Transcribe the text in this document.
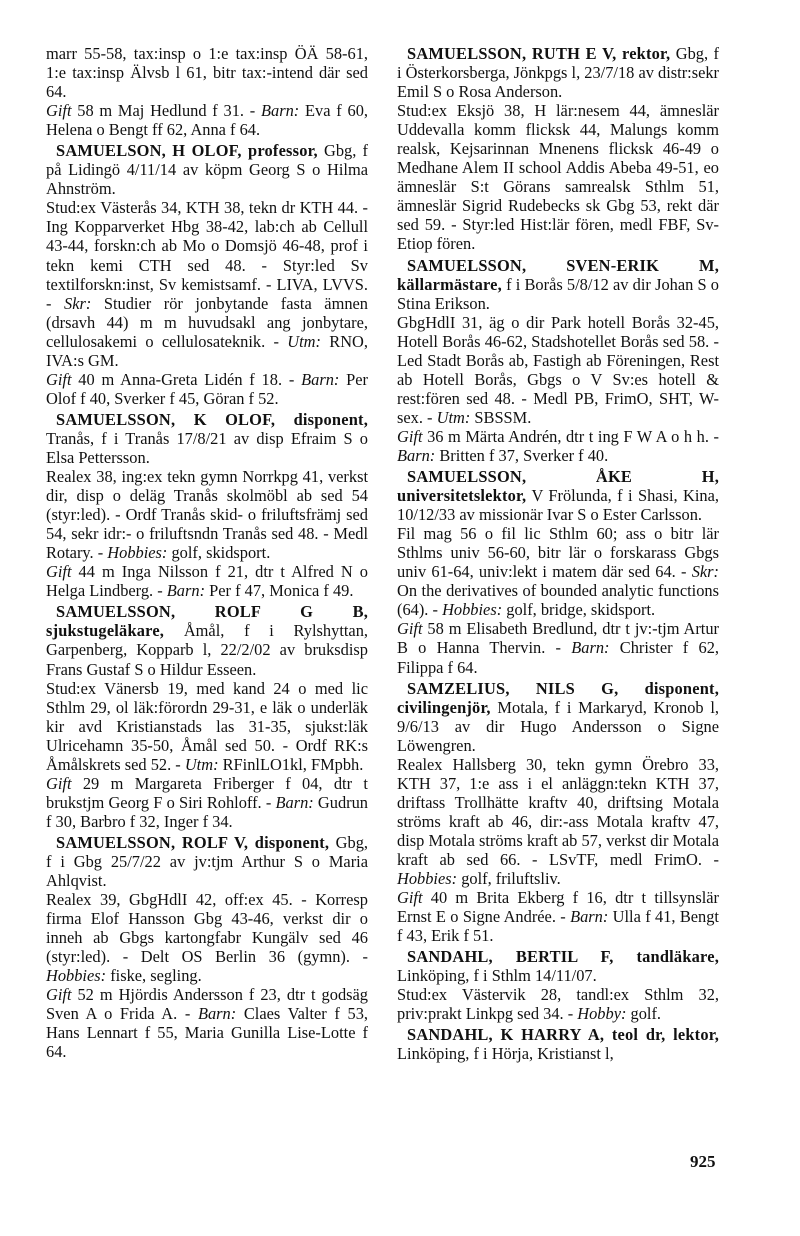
marr 55-58, tax:insp o 1:e tax:insp ÖÄ 58-61, 1:e tax:insp Älvsb l 61, bitr tax:-intend där sed 64.

Gift 58 m Maj Hedlund f 31. - Barn: Eva f 60, Helena o Bengt ff 62, Anna f 64.

SAMUELSON, H OLOF, professor, Gbg, f på Lidingö 4/11/14 av köpm Georg S o Hilma Ahnström.

Stud:ex Västerås 34, KTH 38, tekn dr KTH 44. - Ing Kopparverket Hbg 38-42, lab:ch ab Cellull 43-44, forskn:ch ab Mo o Domsjö 46-48, prof i tekn kemi CTH sed 48. - Styr:led Sv textilforskn:inst, Sv kemistsamf. - LIVA, LVVS. - Skr: Studier rör jonbytande fasta ämnen (drsavh 44) m m huvudsakl ang jonbytare, cellulosakemi o cellulosateknik. - Utm: RNO, IVA:s GM.

Gift 40 m Anna-Greta Lidén f 18. - Barn: Per Olof f 40, Sverker f 45, Göran f 52.

SAMUELSSON, K OLOF, disponent, Tranås, f i Tranås 17/8/21 av disp Efraim S o Elsa Pettersson.

Realex 38, ing:ex tekn gymn Norrkpg 41, verkst dir, disp o deläg Tranås skolmöbl ab sed 54 (styr:led). - Ordf Tranås skid- o friluftsfrämj sed 54, sekr idr:- o friluftsndn Tranås sed 48. - Medl Rotary. - Hobbies: golf, skidsport.

Gift 44 m Inga Nilsson f 21, dtr t Alfred N o Helga Lindberg. - Barn: Per f 47, Monica f 49.

SAMUELSSON, ROLF G B, sjukstugeläkare, Åmål, f i Rylshyttan, Garpenberg, Kopparb l, 22/2/02 av bruksdisp Frans Gustaf S o Hildur Esseen.

Stud:ex Vänersb 19, med kand 24 o med lic Sthlm 29, ol läk:förordn 29-31, e läk o underläk kir avd Kristianstads las 31-35, sjukst:läk Ulricehamn 35-50, Åmål sed 50. - Ordf RK:s Åmålskrets sed 52. - Utm: RFinlLO1kl, FMpbh.

Gift 29 m Margareta Friberger f 04, dtr t brukstjm Georg F o Siri Rohloff. - Barn: Gudrun f 30, Barbro f 32, Inger f 34.

SAMUELSSON, ROLF V, disponent, Gbg, f i Gbg 25/7/22 av jv:tjm Arthur S o Maria Ahlqvist.

Realex 39, GbgHdlI 42, off:ex 45. - Korresp firma Elof Hansson Gbg 43-46, verkst dir o inneh ab Gbgs kartongfabr Kungälv sed 46 (styr:led). - Delt OS Berlin 36 (gymn). - Hobbies: fiske, segling.

Gift 52 m Hjördis Andersson f 23, dtr t godsäg Sven A o Frida A. - Barn: Claes Valter f 53, Hans Lennart f 55, Maria Gunilla Lise-Lotte f 64.

SAMUELSSON, RUTH E V, rektor, Gbg, f i Österkorsberga, Jönkpgs l, 23/7/18 av distr:sekr Emil S o Rosa Anderson.

Stud:ex Eksjö 38, H lär:nesem 44, ämneslär Uddevalla komm flicksk 44, Malungs komm realsk, Kejsarinnan Mnenens flicksk 46-49 o Medhane Alem II school Addis Abeba 49-51, eo ämneslär S:t Görans samrealsk Sthlm 51, ämneslär Sigrid Rudebecks sk Gbg 53, rekt där sed 59. - Styr:led Hist:lär fören, medl FBF, Sv-Etiop fören.

SAMUELSSON, SVEN-ERIK M, källarmästare, f i Borås 5/8/12 av dir Johan S o Stina Erikson.

GbgHdlI 31, äg o dir Park hotell Borås 32-45, Hotell Borås 46-62, Stadshotellet Borås sed 58. - Led Stadt Borås ab, Fastigh ab Föreningen, Rest ab Hotell Borås, Gbgs o V Sv:es hotell & rest:fören sed 48. - Medl PB, FrimO, SHT, W-sex. - Utm: SBSSM.

Gift 36 m Märta Andrén, dtr t ing F W A o h h. - Barn: Britten f 37, Sverker f 40.

SAMUELSSON, ÅKE H, universitetslektor, V Frölunda, f i Shasi, Kina, 10/12/33 av missionär Ivar S o Ester Carlsson.

Fil mag 56 o fil lic Sthlm 60; ass o bitr lär Sthlms univ 56-60, bitr lär o forskarass Gbgs univ 61-64, univ:lekt i matem där sed 64. - Skr: On the derivatives of bounded analytic functions (64). - Hobbies: golf, bridge, skidsport.

Gift 58 m Elisabeth Bredlund, dtr t jv:-tjm Artur B o Hanna Thervin. - Barn: Christer f 62, Filippa f 64.

SAMZELIUS, NILS G, disponent, civilingenjör, Motala, f i Markaryd, Kronob l, 9/6/13 av dir Hugo Andersson o Signe Löwengren.

Realex Hallsberg 30, tekn gymn Örebro 33, KTH 37, 1:e ass i el anläggn:tekn KTH 37, driftass Trollhätte kraftv 40, driftsing Motala ströms kraft ab 46, dir:-ass Motala kraftv 47, disp Motala ströms kraft ab 57, verkst dir Motala kraft ab sed 66. - LSvTF, medl FrimO. - Hobbies: golf, friluftsliv.

Gift 40 m Brita Ekberg f 16, dtr t tillsynslär Ernst E o Signe Andrée. - Barn: Ulla f 41, Bengt f 43, Erik f 51.

SANDAHL, BERTIL F, tandläkare, Linköping, f i Sthlm 14/11/07.

Stud:ex Västervik 28, tandl:ex Sthlm 32, priv:prakt Linkpg sed 34. - Hobby: golf.

SANDAHL, K HARRY A, teol dr, lektor, Linköping, f i Hörja, Kristianst l,

925
